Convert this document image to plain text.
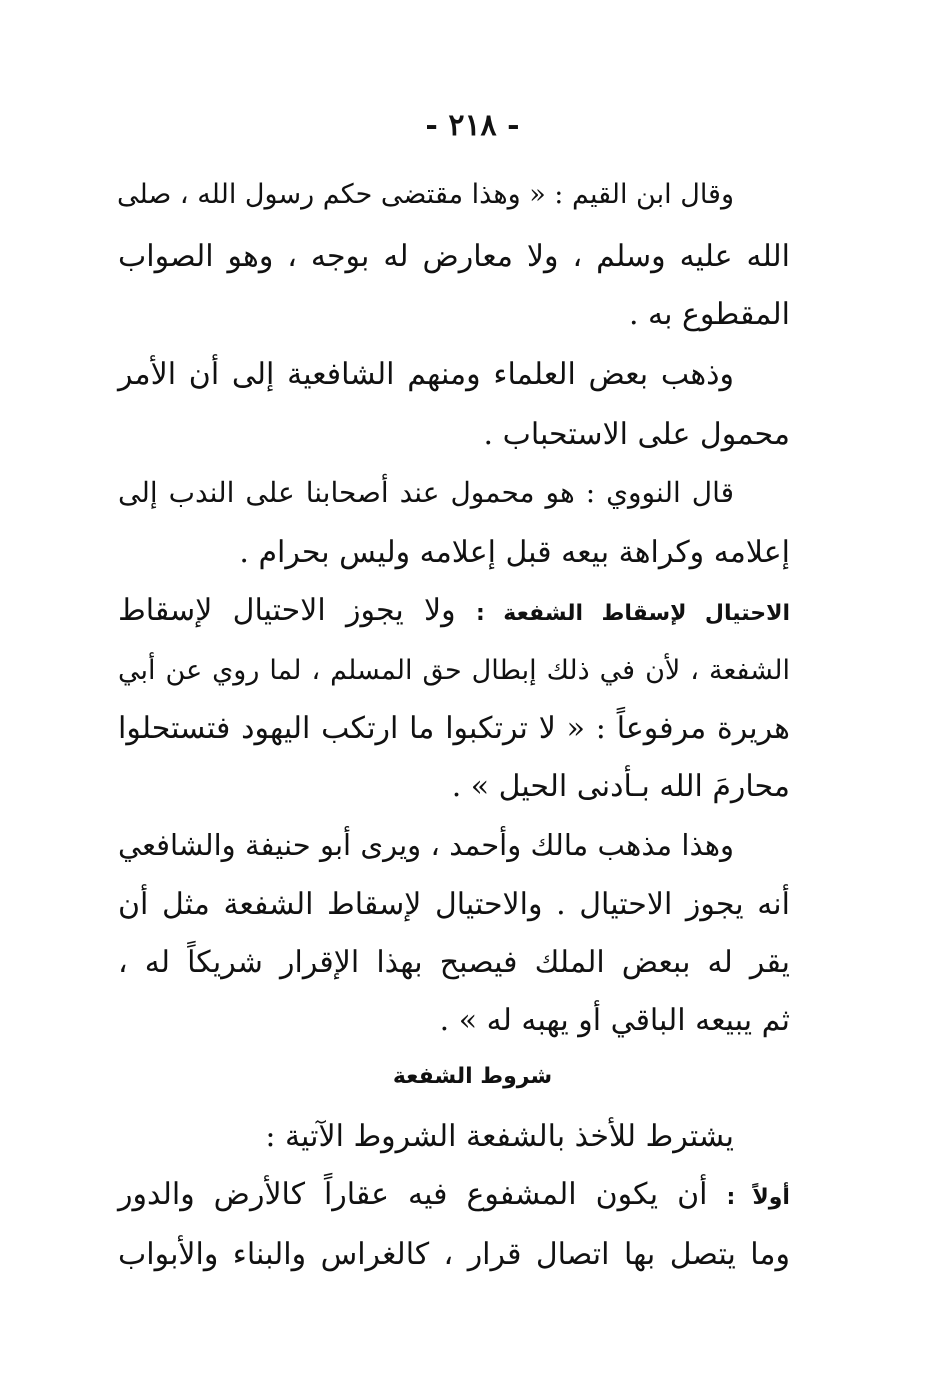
- ٢١٨ -
وقال ابن القيم : « وهذا مقتضى حكم رسول الله ، صلى
الله عليه وسلم ، ولا معارض له بوجه ، وهو الصواب
المقطوع به .
وذهب بعض العلماء ومنهم الشافعية إلى أن الأمر
محمول على الاستحباب .
قال النووي : هو محمول عند أصحابنا على الندب إلى
إعلامه وكراهة بيعه قبل إعلامه وليس بحرام .
الاحتيال لإسقاط الشفعة : ولا يجوز الاحتيال لإسقاط
الشفعة ، لأن في ذلك إبطال حق المسلم ، لما روي عن أبي
هريرة مرفوعاً : « لا ترتكبوا ما ارتكب اليهود فتستحلوا
محارمَ الله بـأدنى الحيل » .
وهذا مذهب مالك وأحمد ، ويرى أبو حنيفة والشافعي
أنه يجوز الاحتيال . والاحتيال لإسقاط الشفعة مثل أن
يقر له ببعض الملك فيصبح بهذا الإقرار شريكاً له ،
ثم يبيعه الباقي أو يهبه له » .
يشترط للأخذ بالشفعة الشروط الآتية :
أولاً : أن يكون المشفوع فيه عقاراً كالأرض والدور
وما يتصل بها اتصال قرار ، كالغراس والبناء والأبواب
شروط الشفعة
